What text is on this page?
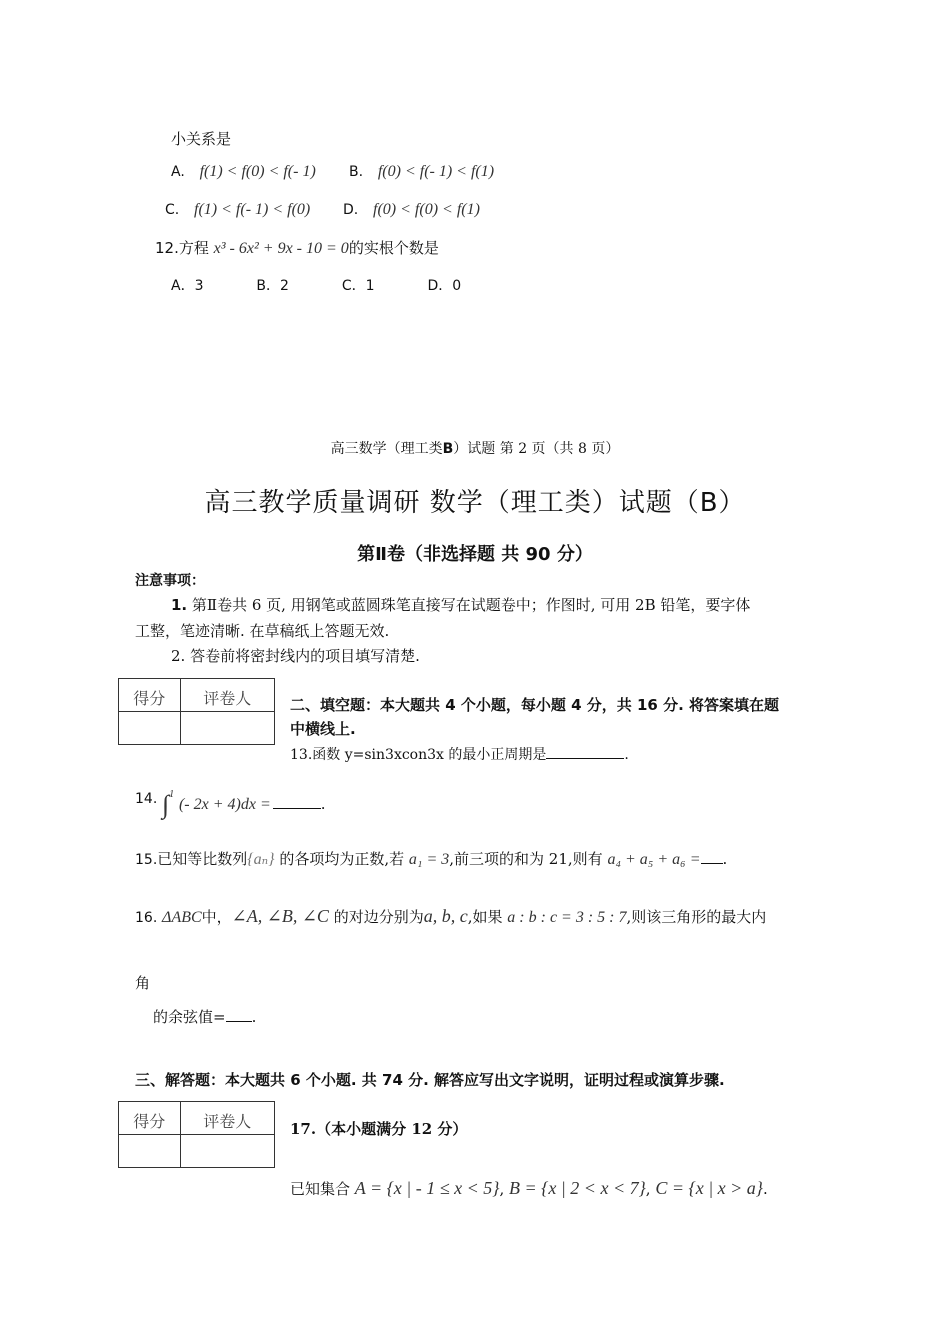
小关系是
A. f(1) < f(0) < f(- 1) B. f(0) < f(- 1) < f(1)
C. f(1) < f(- 1) < f(0) D. f(0) < f(0) < f(1)
12.方程 x³ - 6x² + 9x - 10 = 0的实根个数是
A．3	B．2	C．1	D．0
高三数学（理工类B）试题 第 2 页（共 8 页）
高三教学质量调研 数学（理工类）试题（B）
第Ⅱ卷（非选择题 共 90 分）
注意事项：
1. 第Ⅱ卷共 6 页, 用钢笔或蓝圆珠笔直接写在试题卷中；作图时, 可用 2B 铅笔，要字体
工整，笔迹清晰. 在草稿纸上答题无效.
2. 答卷前将密封线内的项目填写清楚.
得分	评卷人
		二、填空题：本大题共 4 个小题，每小题 4 分，共 16 分. 将答案填在题
中横线上.
13.函数 y=sin3xcon3x 的最小正周期是	.
14. ∫$^1$ (- 2x + 4)dx =	.
15.已知等比数列{aₙ} 的各项均为正数,若 a₁ = 3,前三项的和为 21,则有 a₄ + a₅ + a₆ = .
16. ΔABC中，∠A, ∠B, ∠C 的对边分别为a, b, c,如果 a : b : c = 3 : 5 : 7,则该三角形的最大内
角
的余弦值= .
三、解答题：本大题共 6 个小题. 共 74 分. 解答应写出文字说明，证明过程或演算步骤.
得分	评卷人
		17.（本小题满分 12 分）
已知集合 A = {x | - 1 ≤ x < 5}, B = {x | 2 < x < 7}, C = {x | x > a}.
